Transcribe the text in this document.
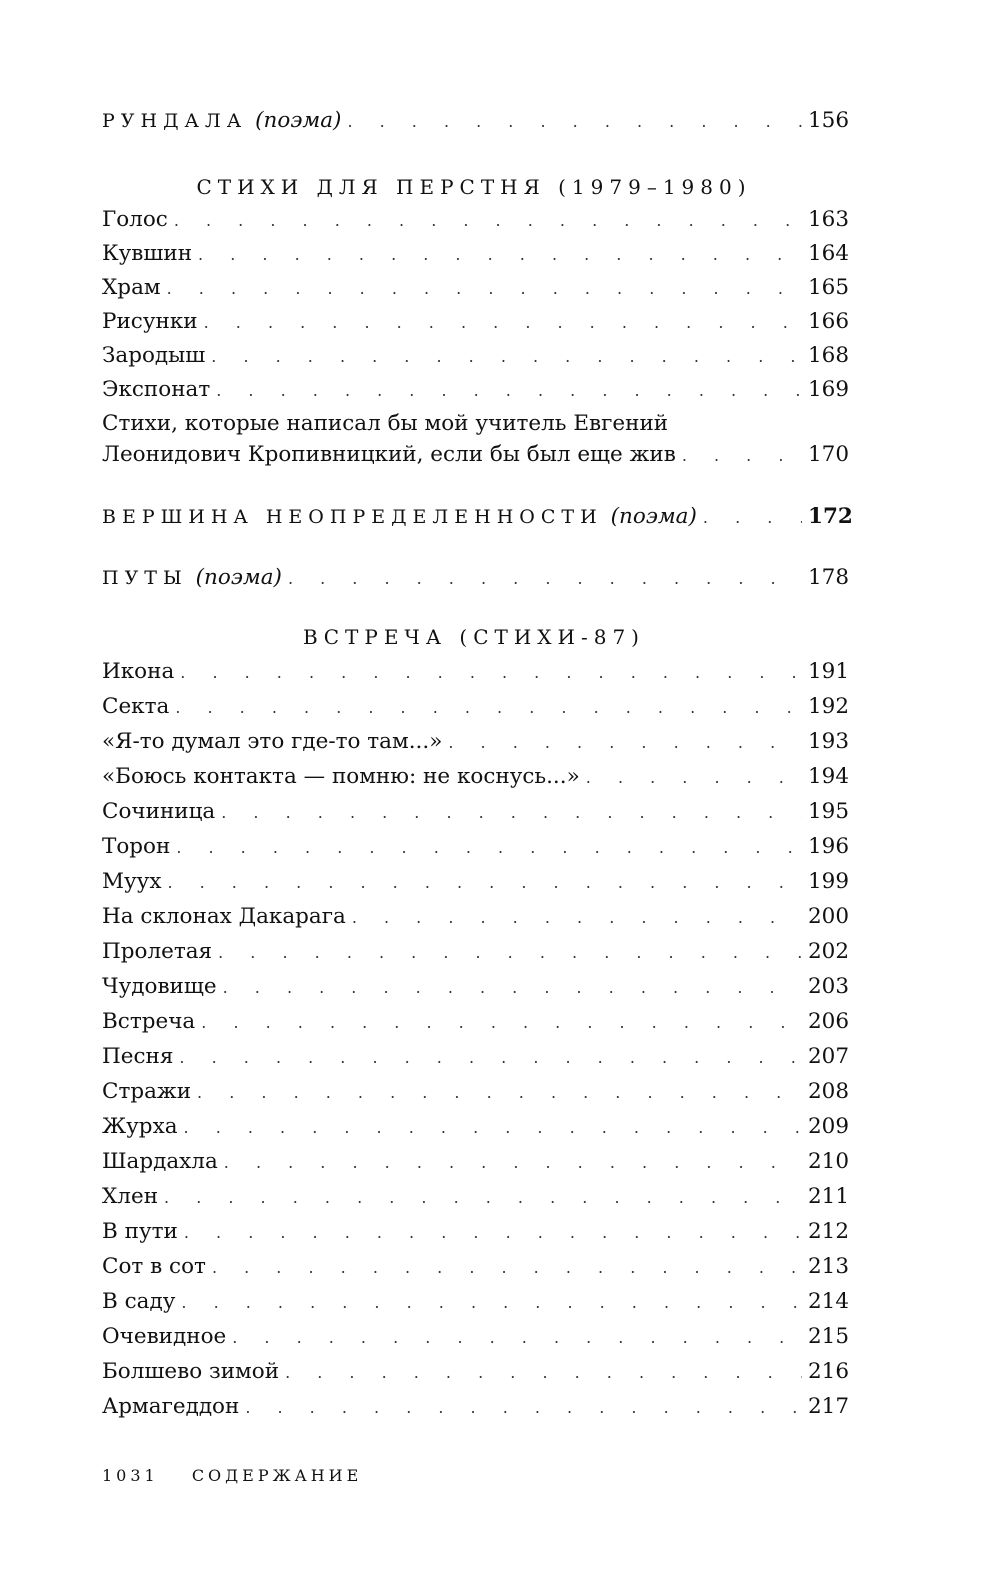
РУНДАЛА (поэма) . . .	156
СТИХИ ДЛЯ ПЕРСТНЯ (1979–1980)
Голос . . .	163
Кувшин . . .	164
Храм . . .	165
Рисунки . . .	166
Зародыш . . .	168
Экспонат . . .	169
Стихи, которые написал бы мой учитель Евгений
Леонидович Кропивницкий, если бы был еще жив . . .	170
ВЕРШИНА НЕОПРЕДЕЛЕННОСТИ (поэма) . . .	172
ПУТЫ (поэма) . . .	178
ВСТРЕЧА (СТИХИ-87)
Икона . . .	191
Секта . . .	192
«Я-то думал это где-то там...» . . .	193
«Боюсь контакта — помню: не коснусь...» . . .	194
Сочиница . . .	195
Торон . . .	196
Муух . . .	199
На склонах Дакарага . . .	200
Пролетая . . .	202
Чудовище . . .	203
Встреча . . .	206
Песня . . .	207
Стражи . . .	208
Журха . . .	209
Шардахла . . .	210
Хлен . . .	211
В пути . . .	212
Сот в сот . . .	213
В саду . . .	214
Очевидное . . .	215
Болшево зимой . . .	216
Армагеддон . . .	217
1031 СОДЕРЖАНИЕ
